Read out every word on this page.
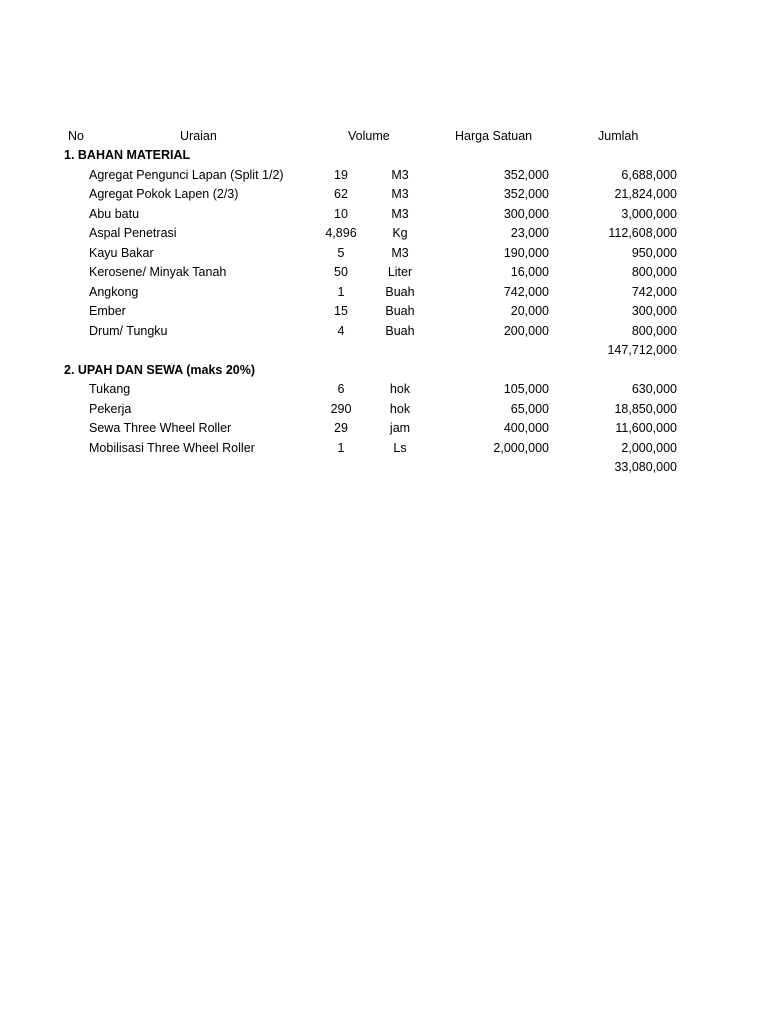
No	Uraian	Volume	Harga Satuan	Jumlah
1. BAHAN MATERIAL
Agregat Pengunci Lapan (Split 1/2)	19	M3	352,000	6,688,000
Agregat Pokok Lapen (2/3)	62	M3	352,000	21,824,000
Abu batu	10	M3	300,000	3,000,000
Aspal Penetrasi	4,896	Kg	23,000	112,608,000
Kayu Bakar	5	M3	190,000	950,000
Kerosene/ Minyak Tanah	50	Liter	16,000	800,000
Angkong	1	Buah	742,000	742,000
Ember	15	Buah	20,000	300,000
Drum/ Tungku	4	Buah	200,000	800,000
147,712,000
2. UPAH DAN SEWA (maks 20%)
Tukang	6	hok	105,000	630,000
Pekerja	290	hok	65,000	18,850,000
Sewa Three Wheel Roller	29	jam	400,000	11,600,000
Mobilisasi Three Wheel Roller	1	Ls	2,000,000	2,000,000
33,080,000
